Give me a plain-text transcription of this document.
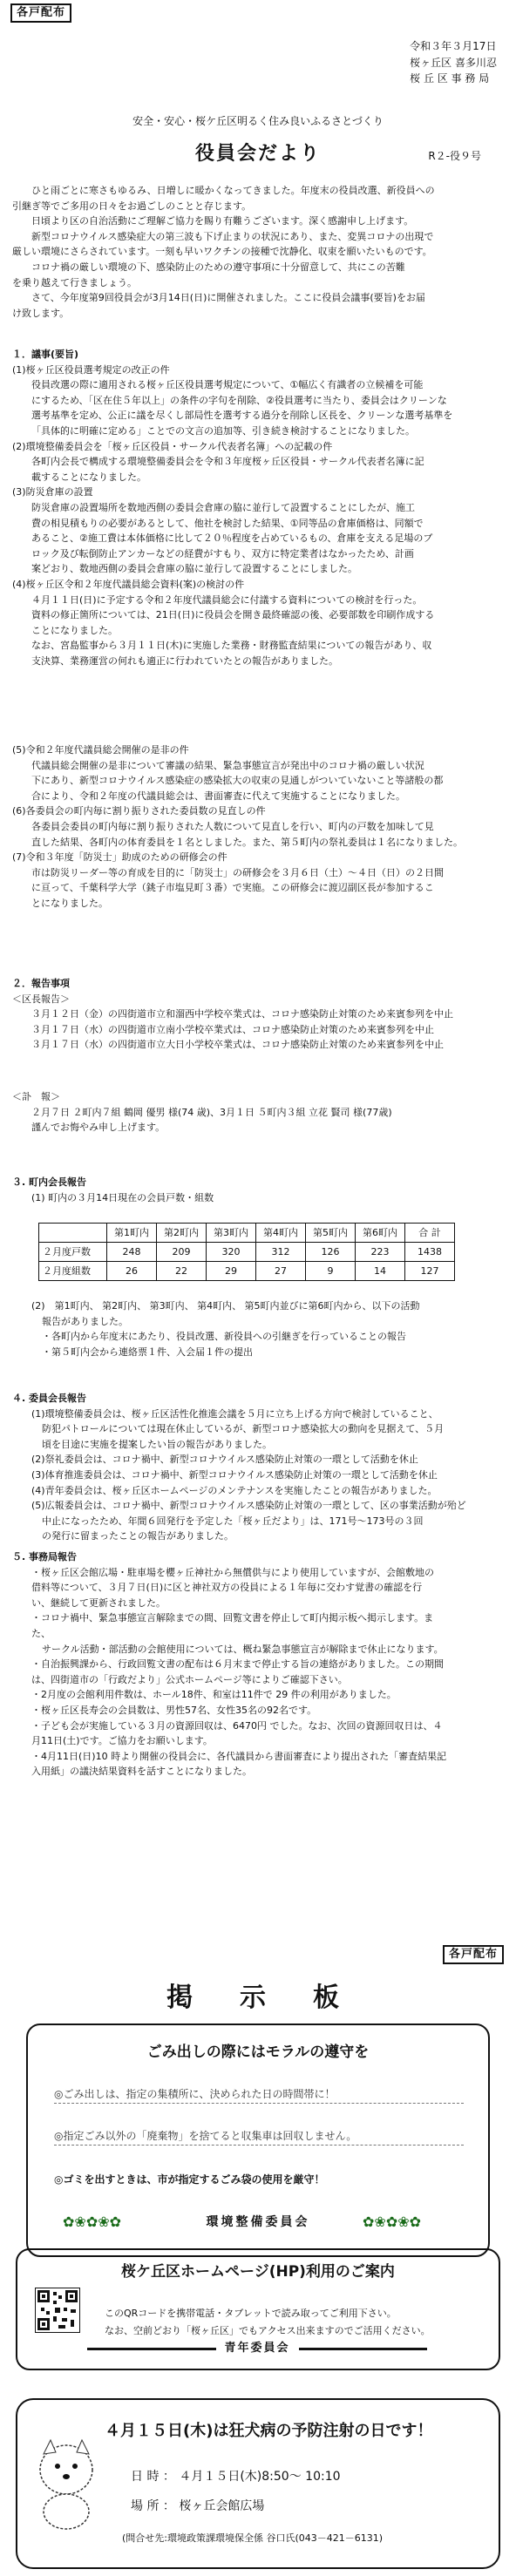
各戸配布
令和３年３月17日
桜ヶ丘区 喜多川忍
桜 丘 区 事 務 局
安全・安心・桜ケ丘区明るく住み良いふるさとづくり
役員会だより	R２-役９号

ひと雨ごとに寒さもゆるみ、日増しに暖かくなってきました。年度末の役員改選、新役員への

引継ぎ等でご多用の日々をお過ごしのことと存じます。

日頃より区の自治活動にご理解ご協力を賜り有難うございます。深く感謝申し上げます。

新型コロナウイルス感染症大の第三波も下げ止まりの状況にあり、また、変異コロナの出現で

厳しい環境にさらされています。一刻も早いワクチンの接種で沈静化、収束を願いたいものです。

コロナ禍の厳しい環境の下、感染防止のための遵守事項に十分留意して、共にこの苦難

を乗り越えて行きましょう。

さて、今年度第9回役員会が3月14日(日)に開催されました。ここに役員会議事(要旨)をお届

け致します。

１．議事(要旨)

(1)桜ヶ丘区役員選考規定の改正の件

役員改選の際に適用される桜ヶ丘区役員選考規定について、①幅広く有識者の立候補を可能

にするため、「区在住５年以上」の条件の字句を削除、②役員選考に当たり、委員会はクリーンな

選考基準を定め、公正に議を尽くし部局性を選考する過分を削除し区長を、クリーンな選考基準を

「具体的に明確に定める」ことでの文言の追加等、引き続き検討することになりました。

(2)環境整備委員会を「桜ヶ丘区役員・サークル代表者名簿」への記載の件

各町内会長で構成する環境整備委員会を令和３年度桜ヶ丘区役員・サークル代表者名簿に記

載することになりました。

(3)防災倉庫の設置

防災倉庫の設置場所を数地西側の委員会倉庫の脇に並行して設置することにしたが、施工

費の相見積もりの必要があるとして、他社を検討した結果、①同等品の倉庫価格は、同額で

あること、②施工費は本体価格に比して２０％程度を占めているもの、倉庫を支える足場のブ

ロック及び転倒防止アンカーなどの経費がすもり、双方に特定業者はなかったため、計画

案どおり、数地西側の委員会倉庫の脇に並行して設置することにしました。

(4)桜ヶ丘区令和２年度代議員総会資料(案)の検討の件

４月１１日(日)に予定する令和２年度代議員総会に付議する資料についての検討を行った。

資料の修正箇所については、21日(日)に役員会を開き最終確認の後、必要部数を印刷作成する

ことになりました。

なお、宮島監事から３月１１日(木)に実施した業務・財務監査結果についての報告があり、収

支決算、業務運営の何れも適正に行われていたとの報告がありました。

(5)令和２年度代議員総会開催の是非の件

代議員総会開催の是非について審議の結果、緊急事態宣言が発出中のコロナ禍の厳しい状況

下にあり、新型コロナウイルス感染症の感染拡大の収束の見通しがついていないこと等諸般の都

合により、令和２年度の代議員総会は、書面審査に代えて実施することになりました。

(6)各委員会の町内毎に割り振りされた委員数の見直しの件

各委員会委員の町内毎に割り振りされた人数について見直しを行い、町内の戸数を加味して見

直した結果、各町内の体育委員を１名としました。また、第５町内の祭礼委員は１名になりました。

(7)令和３年度「防災士」助成のための研修会の件

市は防災リーダー等の育成を目的に「防災士」の研修会を３月６日（土）～４日（日）の２日間

に亘って、千葉科学大学（銚子市塩見町３番）で実施。この研修会に渡辺副区長が参加するこ

とになりました。

２．報告事項

＜区長報告＞

３月１２日（金）の四街道市立和溜西中学校卒業式は、コロナ感染防止対策のため来賓参列を中止

３月１７日（水）の四街道市立南小学校卒業式は、コロナ感染防止対策のため来賓参列を中止

３月１７日（水）の四街道市立大日小学校卒業式は、コロナ感染防止対策のため来賓参列を中止

＜訃　報＞

２月７日 ２町内７組 鶴岡 優男 様(74 歳)、3月１日 ５町内３組 立花 賢司 様(77歳)

謹んでお悔やみ申し上げます。

３. 町内会長報告

(1) 町内の３月14日現在の会員戸数・組数

	第1町内	第2町内	第3町内	第4町内	第5町内	第6町内	合 計
２月度戸数	248	209	320	312	126	223	1438
２月度組数	26	22	29	27	9	14	127

(2)　第1町内、 第2町内、 第3町内、 第4町内、 第5町内並びに第6町内から、以下の活動

報告がありました。

・各町内から年度末にあたり、役員改選、新役員への引継ぎを行っていることの報告

・第５町内会から連絡票１件、入会届１件の提出

４. 委員会長報告

(1)環境整備委員会は、桜ヶ丘区活性化推進会議を５月に立ち上げる方向で検討していること、

防犯パトロールについては現在休止しているが、新型コロナ感染拡大の動向を見据えて、５月

頃を目途に実施を提案したい旨の報告がありました。

(2)祭礼委員会は、コロナ禍中、新型コロナウイルス感染防止対策の一環として活動を休止

(3)体育推進委員会は、コロナ禍中、新型コロナウイルス感染防止対策の一環として活動を休止

(4)青年委員会は、桜ヶ丘区ホームページのメンテナンスを実施したことの報告がありました。

(5)広報委員会は、コロナ禍中、新型コロナウイルス感染防止対策の一環として、区の事業活動が殆ど

中止になったため、年間６回発行を予定した「桜ヶ丘だより」は、171号～173号の３回

の発行に留まったことの報告がありました。

５. 事務局報告

・桜ヶ丘区会館広場・駐車場を櫻ヶ丘神社から無償供与により使用していますが、会館敷地の

借料等について、３月７日(日)に区と神社双方の役員による１年毎に交わす覚書の確認を行

い、継続して更新されました。

・コロナ禍中、緊急事態宣言解除までの間、回覧文書を停止して町内掲示板へ掲示します。ま

た、

サークル活動・部活動の会館使用については、概ね緊急事態宣言が解除まで休止になります。

・自治振興課から、行政回覧文書の配布は６月末まで停止する旨の連絡がありました。この期間

は、四街道市の「行政だより」公式ホームページ等によりご確認下さい。

・2月度の会館利用件数は、ホール18件、和室は11件で 29 件の利用がありました。

・桜ヶ丘区長寿会の会員数は、男性57名、女性35名の92名です。

・子ども会が実施している３月の資源回収は、6470円 でした。なお、次回の資源回収日は、４

月11日(土)です。ご協力をお願いします。

・4月11日(日)10 時より開催の役員会に、各代議員から書面審査により提出された「審査結果記

入用紙」の議決結果資料を話すことになりました。

各戸配布
掲　示　板
ごみ出しの際にはモラルの遵守を
◎ごみ出しは、指定の集積所に、決められた日の時間帯に！
◎指定ごみ以外の「廃棄物」を捨てると収集車は回収しません。
◎ゴミを出すときは、市が指定するごみ袋の使用を厳守！
✿❀✿❀✿	✿❀✿❀✿
環境整備委員会
桜ケ丘区ホームページ(HP)利用のご案内
このQRコードを携帯電話・タブレットで読み取ってご利用下さい。
なお、空前どおり「桜ヶ丘区」でもアクセス出来ますのでご活用ください。
青年委員会
４月１５日(木)は狂犬病の予防注射の日です！
日 時 ： ４月１５日(木)8:50～ 10:10
場 所 ： 桜ヶ丘会館広場
(問合せ先:環境政策課環境保全係 谷口氏(043－421－6131)
